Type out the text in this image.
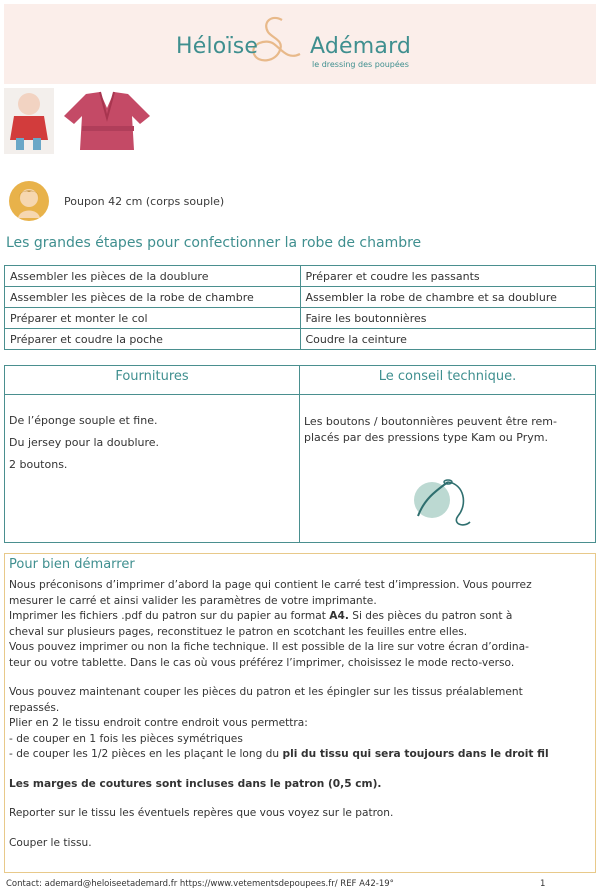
Héloïse Adémard
le dressing des poupées
Poupon 42 cm (corps souple)
Les grandes étapes pour confectionner la robe de chambre
Assembler les pièces de la doublure	Préparer et coudre les passants
Assembler les pièces de la robe de chambre	Assembler la robe de chambre et sa doublure
Préparer et monter le col	Faire les boutonnières
Préparer et coudre la poche	Coudre la ceinture
Fournitures
De l’éponge souple et fine.
Du jersey pour la doublure.
2 boutons.
Le conseil technique.
Les boutons / boutonnières peuvent être rem-
placés par des pressions type Kam ou Prym.
Pour bien démarrer
Nous préconisons d’imprimer d’abord la page qui contient le carré test d’impression. Vous pourrez
mesurer le carré et ainsi valider les paramètres de votre imprimante.
Imprimer les fichiers .pdf du patron sur du papier au format A4. Si des pièces du patron sont à
cheval sur plusieurs pages, reconstituez le patron en scotchant les feuilles entre elles.
Vous pouvez imprimer ou non la fiche technique. Il est possible de la lire sur votre écran d’ordina-
teur ou votre tablette. Dans le cas où vous préférez l’imprimer, choisissez le mode recto-verso.
Vous pouvez maintenant couper les pièces du patron et les épingler sur les tissus préalablement
repassés.
Plier en 2 le tissu endroit contre endroit vous permettra:
- de couper en 1 fois les pièces symétriques
- de couper les 1/2 pièces en les plaçant le long du pli du tissu qui sera toujours dans le droit fil
Les marges de coutures sont incluses dans le patron (0,5 cm).
Reporter sur le tissu les éventuels repères que vous voyez sur le patron.
Couper le tissu.
Contact: ademard@heloiseetademard.fr https://www.vetementsdepoupees.fr/ REF A42-19°	1
